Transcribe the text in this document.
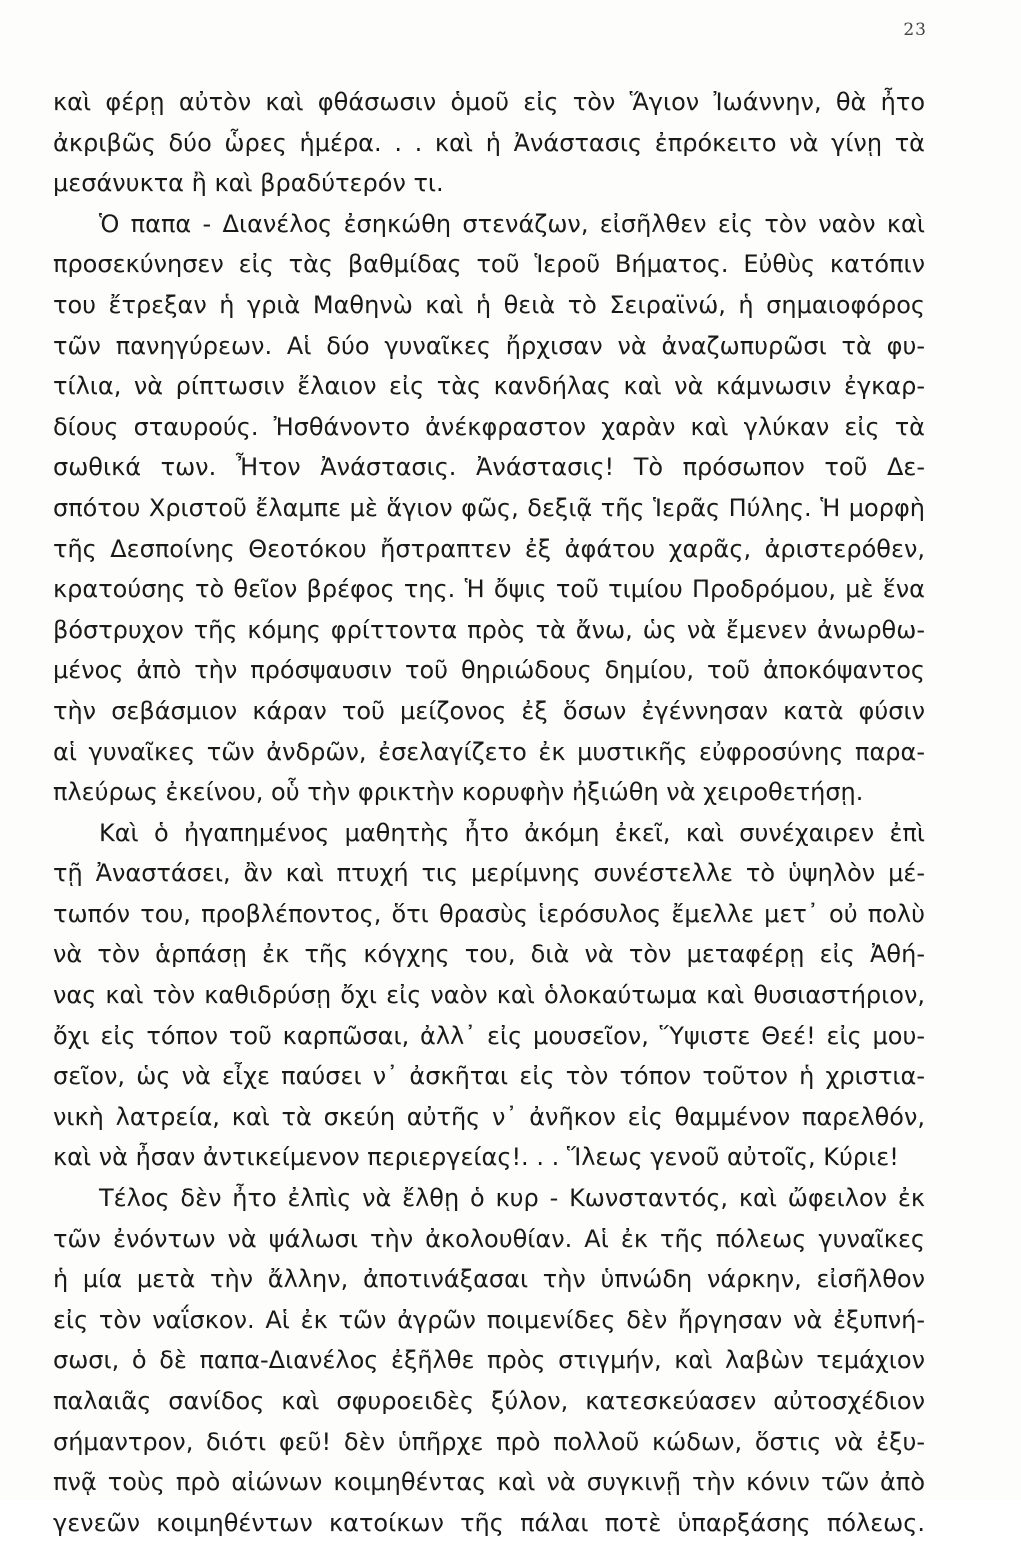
23
καὶ φέρῃ αὐτὸν καὶ φθάσωσιν ὁμοῦ εἰς τὸν Ἅγιον Ἰωάννην, θὰ ἦτο
ἀκριβῶς δύο ὧρες ἡμέρα. . . καὶ ἡ Ἀνάστασις ἐπρόκειτο νὰ γίνῃ τὰ
μεσάνυκτα ἢ καὶ βραδύτερόν τι.
Ὁ παπα - Διανέλος ἐσηκώθη στενάζων, εἰσῆλθεν εἰς τὸν ναὸν καὶ
προσεκύνησεν εἰς τὰς βαθμίδας τοῦ Ἱεροῦ Βήματος. Εὐθὺς κατόπιν
του ἔτρεξαν ἡ γριὰ Μαθηνὼ καὶ ἡ θειὰ τὸ Σειραϊνώ, ἡ σημαιοφόρος
τῶν πανηγύρεων. Αἱ δύο γυναῖκες ἤρχισαν νὰ ἀναζωπυρῶσι τὰ φυ-
τίλια, νὰ ρίπτωσιν ἔλαιον εἰς τὰς κανδήλας καὶ νὰ κάμνωσιν ἐγκαρ-
δίους σταυρούς. Ἠσθάνοντο ἀνέκφραστον χαρὰν καὶ γλύκαν εἰς τὰ
σωθικά των. Ἦτον Ἀνάστασις. Ἀνάστασις! Τὸ πρόσωπον τοῦ Δε-
σπότου Χριστοῦ ἔλαμπε μὲ ἅγιον φῶς, δεξιᾷ τῆς Ἱερᾶς Πύλης. Ἡ μορφὴ
τῆς Δεσποίνης Θεοτόκου ἤστραπτεν ἐξ ἀφάτου χαρᾶς, ἀριστερόθεν,
κρατούσης τὸ θεῖον βρέφος της. Ἡ ὄψις τοῦ τιμίου Προδρόμου, μὲ ἕνα
βόστρυχον τῆς κόμης φρίττοντα πρὸς τὰ ἄνω, ὡς νὰ ἔμενεν ἀνωρθω-
μένος ἀπὸ τὴν πρόσψαυσιν τοῦ θηριώδους δημίου, τοῦ ἀποκόψαντος
τὴν σεβάσμιον κάραν τοῦ μείζονος ἐξ ὅσων ἐγέννησαν κατὰ φύσιν
αἱ γυναῖκες τῶν ἀνδρῶν, ἐσελαγίζετο ἐκ μυστικῆς εὐφροσύνης παρα-
πλεύρως ἐκείνου, οὗ τὴν φρικτὴν κορυφὴν ἠξιώθη νὰ χειροθετήσῃ.
Καὶ ὁ ἠγαπημένος μαθητὴς ἦτο ἀκόμη ἐκεῖ, καὶ συνέχαιρεν ἐπὶ
τῇ Ἀναστάσει, ἂν καὶ πτυχή τις μερίμνης συνέστελλε τὸ ὑψηλὸν μέ-
τωπόν του, προβλέποντος, ὅτι θρασὺς ἱερόσυλος ἔμελλε μετ᾽ οὐ πολὺ
νὰ τὸν ἁρπάσῃ ἐκ τῆς κόγχης του, διὰ νὰ τὸν μεταφέρῃ εἰς Ἀθή-
νας καὶ τὸν καθιδρύσῃ ὄχι εἰς ναὸν καὶ ὁλοκαύτωμα καὶ θυσιαστήριον,
ὄχι εἰς τόπον τοῦ καρπῶσαι, ἀλλ᾽ εἰς μουσεῖον, Ὕψιστε Θεέ! εἰς μου-
σεῖον, ὡς νὰ εἶχε παύσει ν᾽ ἀσκῆται εἰς τὸν τόπον τοῦτον ἡ χριστια-
νικὴ λατρεία, καὶ τὰ σκεύη αὐτῆς ν᾽ ἀνῆκον εἰς θαμμένον παρελθόν,
καὶ νὰ ἦσαν ἀντικείμενον περιεργείας!. . . Ἵλεως γενοῦ αὐτοῖς, Κύριε!
Τέλος δὲν ἦτο ἐλπὶς νὰ ἔλθῃ ὁ κυρ - Κωνσταντός, καὶ ὤφειλον ἐκ
τῶν ἐνόντων νὰ ψάλωσι τὴν ἀκολουθίαν. Αἱ ἐκ τῆς πόλεως γυναῖκες
ἡ μία μετὰ τὴν ἄλλην, ἀποτινάξασαι τὴν ὑπνώδη νάρκην, εἰσῆλθον
εἰς τὸν ναΐσκον. Αἱ ἐκ τῶν ἀγρῶν ποιμενίδες δὲν ἤργησαν νὰ ἐξυπνή-
σωσι, ὁ δὲ παπα-Διανέλος ἐξῆλθε πρὸς στιγμήν, καὶ λαβὼν τεμάχιον
παλαιᾶς σανίδος καὶ σφυροειδὲς ξύλον, κατεσκεύασεν αὐτοσχέδιον
σήμαντρον, διότι φεῦ! δὲν ὑπῆρχε πρὸ πολλοῦ κώδων, ὅστις νὰ ἐξυ-
πνᾷ τοὺς πρὸ αἰώνων κοιμηθέντας καὶ νὰ συγκινῇ τὴν κόνιν τῶν ἀπὸ
γενεῶν κοιμηθέντων κατοίκων τῆς πάλαι ποτὲ ὑπαρξάσης πόλεως.
